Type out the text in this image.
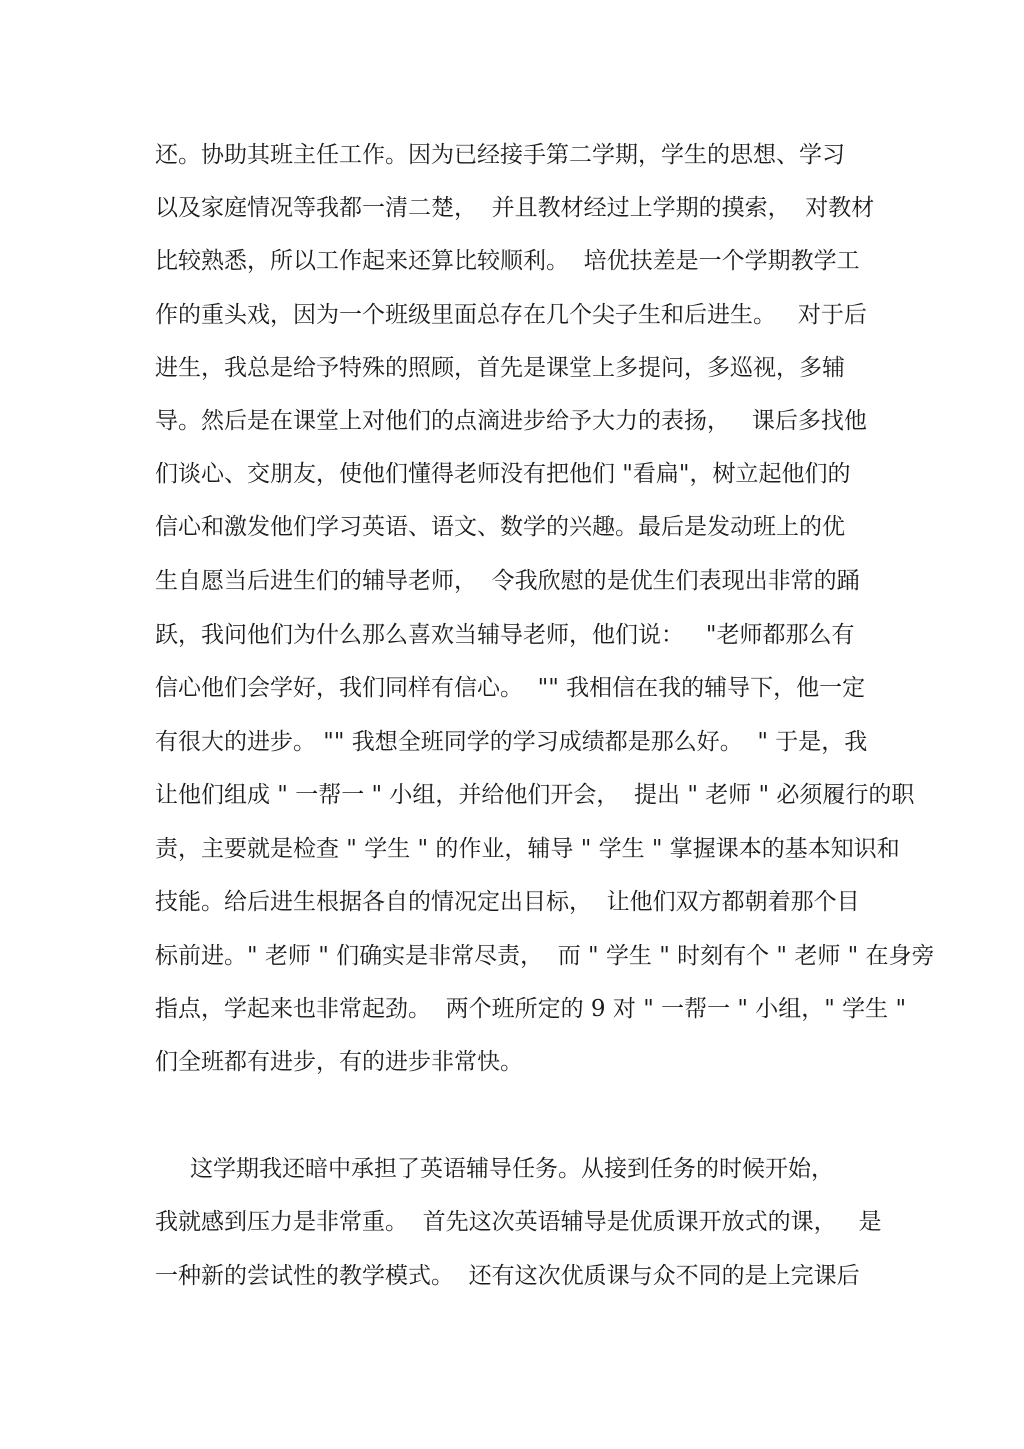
还。协助其班主任工作。因为已经接手第二学期，学生的思想、学习

以及家庭情况等我都一清二楚，  并且教材经过上学期的摸索，  对教材

比较熟悉，所以工作起来还算比较顺利。  培优扶差是一个学期教学工

作的重头戏，因为一个班级里面总存在几个尖子生和后进生。   对于后

进生，我总是给予特殊的照顾，首先是课堂上多提问，多巡视，多辅

导。然后是在课堂上对他们的点滴进步给予大力的表扬，   课后多找他

们谈心、交朋友，使他们懂得老师没有把他们 "看扁"，树立起他们的

信心和激发他们学习英语、语文、数学的兴趣。最后是发动班上的优

生自愿当后进生们的辅导老师，  令我欣慰的是优生们表现出非常的踊

跃，我问他们为什么那么喜欢当辅导老师，他们说：   "老师都那么有

信心他们会学好，我们同样有信心。  "" 我相信在我的辅导下，他一定

有很大的进步。 "" 我想全班同学的学习成绩都是那么好。  " 于是，我

让他们组成 " 一帮一 " 小组，并给他们开会，  提出 " 老师 " 必须履行的职

责，主要就是检查 " 学生 " 的作业，辅导 " 学生 " 掌握课本的基本知识和

技能。给后进生根据各自的情况定出目标，  让他们双方都朝着那个目

标前进。" 老师 " 们确实是非常尽责，  而 " 学生 " 时刻有个 " 老师 " 在身旁

指点，学起来也非常起劲。  两个班所定的 9 对 " 一帮一 " 小组，" 学生 "

们全班都有进步，有的进步非常快。

这学期我还暗中承担了英语辅导任务。从接到任务的时候开始，

我就感到压力是非常重。  首先这次英语辅导是优质课开放式的课，   是

一种新的尝试性的教学模式。  还有这次优质课与众不同的是上完课后
